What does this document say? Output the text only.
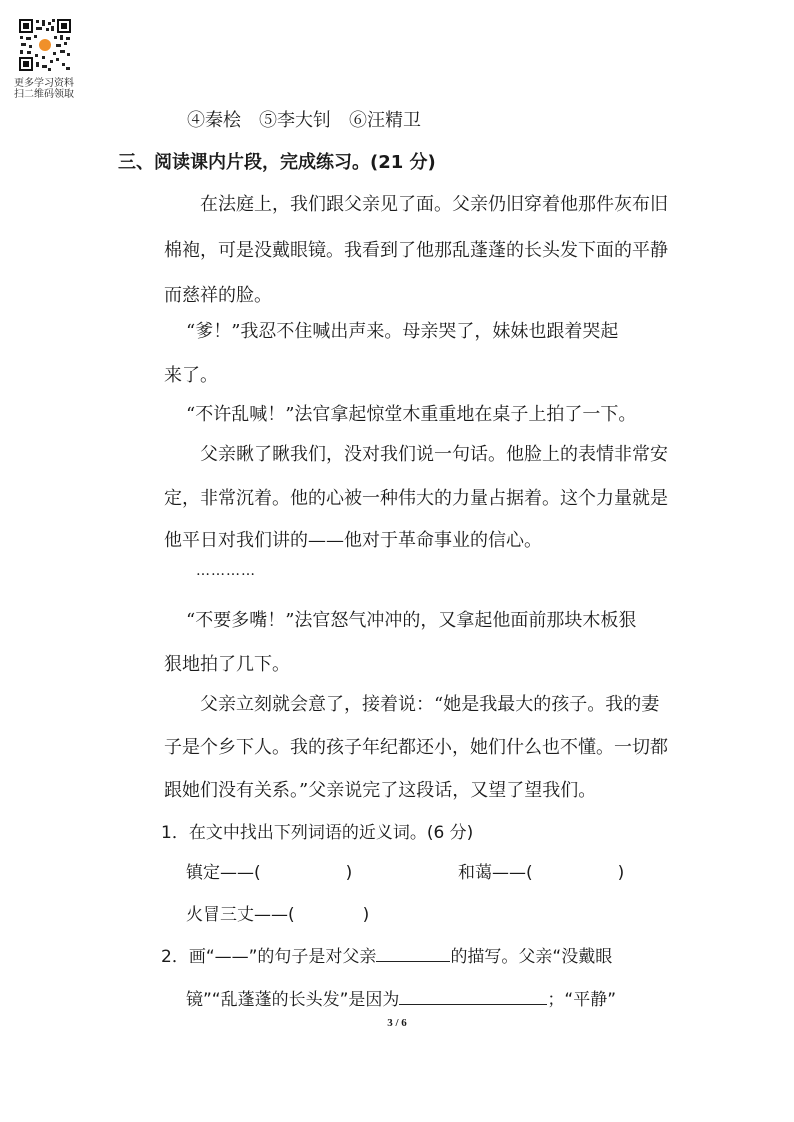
更多学习资料
扫二维码领取
④秦桧　⑤李大钊　⑥汪精卫
三、阅读课内片段，完成练习。(21 分)
在法庭上，我们跟父亲见了面。父亲仍旧穿着他那件灰布旧
棉袍，可是没戴眼镜。我看到了他那乱蓬蓬的长头发下面的平静
而慈祥的脸。
“爹！”我忍不住喊出声来。母亲哭了，妹妹也跟着哭起
来了。
“不许乱喊！”法官拿起惊堂木重重地在桌子上拍了一下。
父亲瞅了瞅我们，没对我们说一句话。他脸上的表情非常安
定，非常沉着。他的心被一种伟大的力量占据着。这个力量就是
他平日对我们讲的——他对于革命事业的信心。
…………
“不要多嘴！”法官怒气冲冲的，又拿起他面前那块木板狠
狠地拍了几下。
父亲立刻就会意了，接着说：“她是我最大的孩子。我的妻
子是个乡下人。我的孩子年纪都还小，她们什么也不懂。一切都
跟她们没有关系。”父亲说完了这段话，又望了望我们。
1．在文中找出下列词语的近义词。(6 分)
镇定——(　　　　　)	和蔼——(　　　　　)
火冒三丈——(　　　　)
2．画“——”的句子是对父亲	的描写。父亲“没戴眼
镜”“乱蓬蓬的长头发”是因为	；“平静”
3 / 6
